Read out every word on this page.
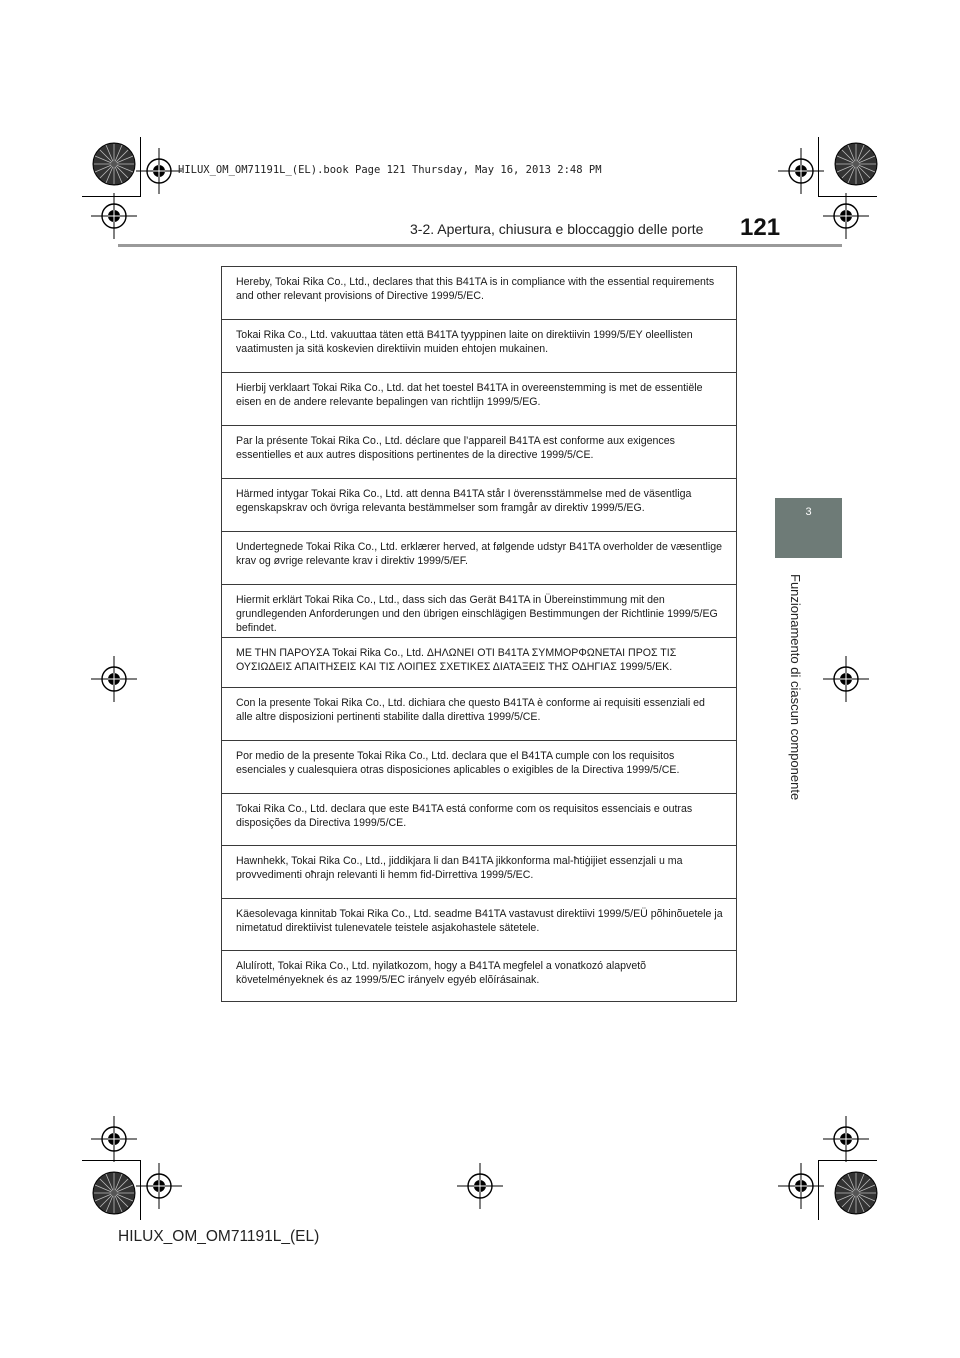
HILUX_OM_OM71191L_(EL).book Page 121 Thursday, May 16, 2013 2:48 PM
3-2. Apertura, chiusura e bloccaggio delle porte 121
3
Funzionamento di ciascun componente
Hereby, Tokai Rika Co., Ltd., declares that this B41TA is in compliance with the essential requirements and other relevant provisions of Directive 1999/5/EC.
Tokai Rika Co., Ltd. vakuuttaa täten että B41TA tyyppinen laite on direktiivin 1999/5/EY oleellisten vaatimusten ja sitä koskevien direktiivin muiden ehtojen mukainen.
Hierbij verklaart Tokai Rika Co., Ltd. dat het toestel B41TA in overeenstemming is met de essentiële eisen en de andere relevante bepalingen van richtlijn 1999/5/EG.
Par la présente Tokai Rika Co., Ltd. déclare que l’appareil B41TA est conforme aux exigences essentielles et aux autres dispositions pertinentes de la directive 1999/5/CE.
Härmed intygar Tokai Rika Co., Ltd. att denna B41TA står I överensstämmelse med de väsentliga egenskapskrav och övriga relevanta bestämmelser som framgår av direktiv 1999/5/EG.
Undertegnede Tokai Rika Co., Ltd. erklærer herved, at følgende udstyr B41TA overholder de væsentlige krav og øvrige relevante krav i direktiv 1999/5/EF.
Hiermit erklärt Tokai Rika Co., Ltd., dass sich das Gerät B41TA in Übereinstimmung mit den grundlegenden Anforderungen und den übrigen einschlägigen Bestimmungen der Richtlinie 1999/5/EG befindet.
ΜΕ ΤΗΝ ΠΑΡΟΥΣΑ Tokai Rika Co., Ltd. ΔΗΛΩΝΕΙ ΟΤΙ B41TA ΣΥΜΜΟΡΦΩΝΕΤΑΙ ΠΡΟΣ ΤΙΣ ΟΥΣΙΩΔΕΙΣ ΑΠΑΙΤΗΣΕΙΣ ΚΑΙ ΤΙΣ ΛΟΙΠΕΣ ΣΧΕΤΙΚΕΣ ΔΙΑΤΑΞΕΙΣ ΤΗΣ ΟΔΗΓΙΑΣ 1999/5/ΕΚ.
Con la presente Tokai Rika Co., Ltd. dichiara che questo B41TA è conforme ai requisiti essenziali ed alle altre disposizioni pertinenti stabilite dalla direttiva 1999/5/CE.
Por medio de la presente Tokai Rika Co., Ltd. declara que el B41TA cumple con los requisitos esenciales y cualesquiera otras disposiciones aplicables o exigibles de la Directiva 1999/5/CE.
Tokai Rika Co., Ltd. declara que este B41TA está conforme com os requisitos essenciais e outras disposições da Directiva 1999/5/CE.
Hawnhekk, Tokai Rika Co., Ltd., jiddikjara li dan B41TA jikkonforma mal-ħtiġijiet essenzjali u ma provvedimenti oħrajn relevanti li hemm fid-Dirrettiva 1999/5/EC.
Käesolevaga kinnitab Tokai Rika Co., Ltd. seadme B41TA vastavust direktiivi 1999/5/EÜ põhinõuetele ja nimetatud direktiivist tulenevatele teistele asjakohastele sätetele.
Alulírott, Tokai Rika Co., Ltd. nyilatkozom, hogy a B41TA megfelel a vonatkozó alapvetõ követelményeknek és az 1999/5/EC irányelv egyéb elõírásainak.
HILUX_OM_OM71191L_(EL)
